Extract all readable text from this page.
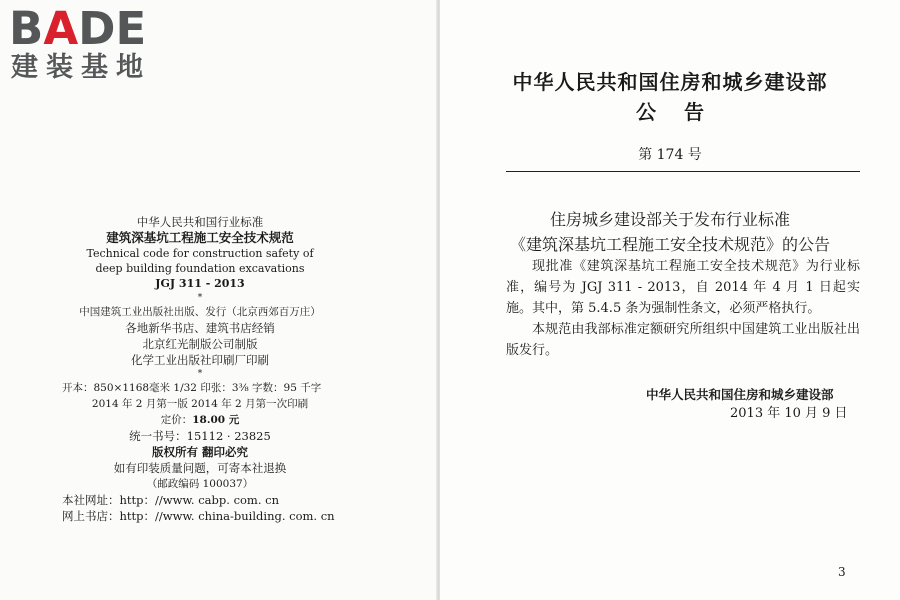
BADE
建装基地
中华人民共和国行业标准
建筑深基坑工程施工安全技术规范
Technical code for construction safety of
deep building foundation excavations
JGJ 311 - 2013
*
中国建筑工业出版社出版、发行（北京西郊百万庄）
各地新华书店、建筑书店经销
北京红光制版公司制版
化学工业出版社印刷厂印刷
*
开本：850×1168毫米 1/32 印张：3⅜ 字数：95 千字
2014 年 2 月第一版 2014 年 2 月第一次印刷
定价：18.00 元
统一书号：15112 · 23825
版权所有 翻印必究
如有印装质量问题，可寄本社退换
（邮政编码 100037）
本社网址：http：//www. cabp. com. cn
网上书店：http：//www. china-building. com. cn
中华人民共和国住房和城乡建设部
公告
第 174 号
住房城乡建设部关于发布行业标准
《建筑深基坑工程施工安全技术规范》的公告

现批准《建筑深基坑工程施工安全技术规范》为行业标准，编号为 JGJ 311 - 2013，自 2014 年 4 月 1 日起实施。其中，第 5.4.5 条为强制性条文，必须严格执行。

本规范由我部标准定额研究所组织中国建筑工业出版社出版发行。

中华人民共和国住房和城乡建设部
2013 年 10 月 9 日
3
